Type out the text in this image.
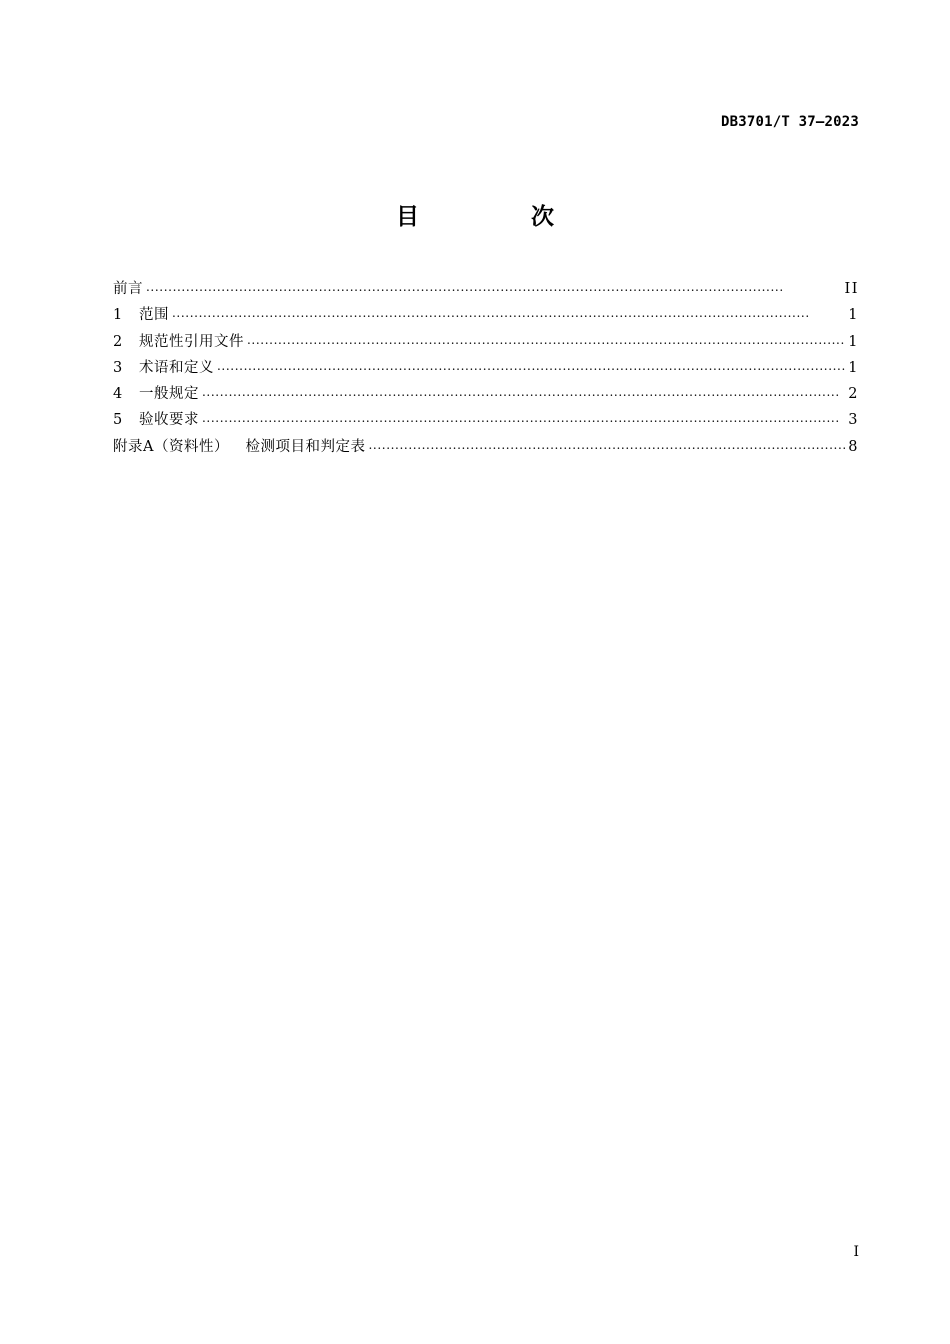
DB3701/T 37—2023
目 次
前言 . . .	II
1	范围 . . .	1
2	规范性引用文件 . . .	1
3	术语和定义 . . .	1
4	一般规定 . . .	2
5	验收要求 . . .	3
附录A（资料性） 检测项目和判定表 . . .	8
I
